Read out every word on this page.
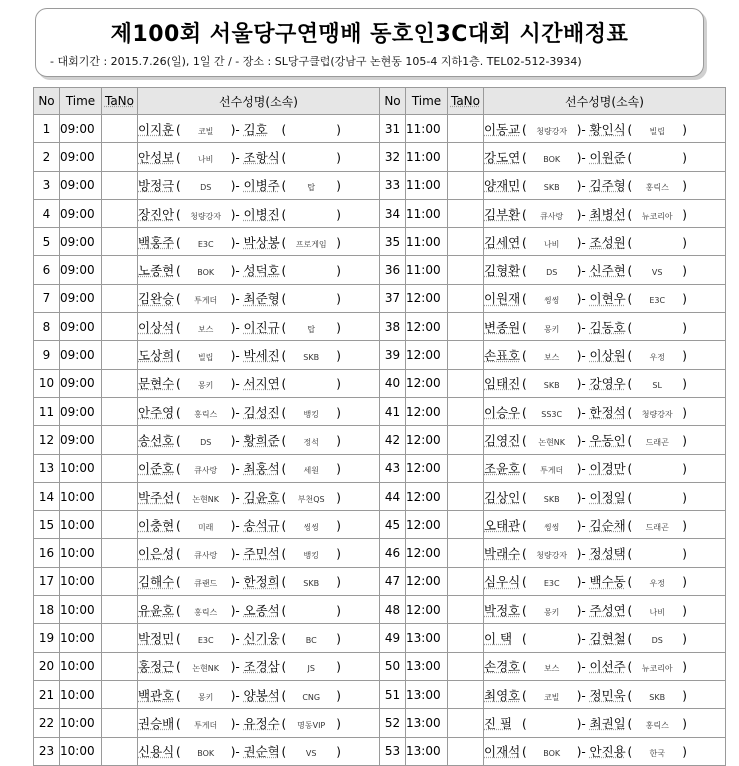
제100회 서울당구연맹배 동호인3C대회 시간배정표
- 대회기간 : 2015.7.26(일), 1일 간 / - 장소 : SL당구클럽(강남구 논현동 105-4 지하1층. TEL02-512-3934)
No	Time	TaNo	선수성명(소속)
1	09:00		이지훈 ( 코빌 )- 김호 ( )
2	09:00		안성보 ( 나비 )- 조항식 ( )
3	09:00		방정극 ( DS )- 이병주 ( 탑 )
4	09:00		장진안 ( 청량강자 )- 이병진 ( )
5	09:00		백홍주 ( E3C )- 박상봉 ( 프로게임 )
6	09:00		노종현 ( BOK )- 성덕호 ( )
7	09:00		김완승 ( 투게더 )- 최준형 ( )
8	09:00		이상석 ( 보스 )- 이진규 ( 탑 )
9	09:00		도상희 ( 빌립 )- 박세진 ( SKB )
10	09:00		문현수 ( 몽키 )- 서지연 ( )
11	09:00		안주영 ( 홍릭스 )- 김성진 ( 뱅킹 )
12	09:00		송선호 ( DS )- 황희준 ( 정석 )
13	10:00		이준호 ( 큐사랑 )- 최홍석 ( 세원 )
14	10:00		박주선 ( 논현NK )- 김윤호 ( 부천QS )
15	10:00		이충현 ( 미래 )- 송석규 ( 씽씽 )
16	10:00		이은성 ( 큐사랑 )- 주민석 ( 뱅킹 )
17	10:00		김해수 ( 큐랜드 )- 한정희 ( SKB )
18	10:00		유윤호 ( 홍릭스 )- 오종석 ( )
19	10:00		박정민 ( E3C )- 신기웅 ( BC )
20	10:00		홍정근 ( 논현NK )- 조경삼 ( JS )
21	10:00		백관호 ( 몽키 )- 양봉석 ( CNG )
22	10:00		권승배 ( 투게더 )- 유정수 ( 명동VIP )
23	10:00		신용식 ( BOK )- 권순혁 ( VS )
No	Time	TaNo	선수성명(소속)
31	11:00		이동교 ( 청량강자 )- 황인식 ( 빌립 )
32	11:00		강도연 ( BOK )- 이원준 ( )
33	11:00		양재민 ( SKB )- 김주형 ( 홍릭스 )
34	11:00		김부환 ( 큐사랑 )- 최병선 ( 뉴코리아 )
35	11:00		김세연 ( 나비 )- 조성원 ( )
36	11:00		김형환 ( DS )- 신주현 ( VS )
37	12:00		이원재 ( 씽씽 )- 이현우 ( E3C )
38	12:00		변종원 ( 몽키 )- 김동호 ( )
39	12:00		손표호 ( 보스 )- 이상원 ( 우정 )
40	12:00		임태진 ( SKB )- 강영우 ( SL )
41	12:00		이승우 ( SS3C )- 한정석 ( 청량강자 )
42	12:00		김영진 ( 논현NK )- 우동인 ( 드래곤 )
43	12:00		조윤호 ( 투게더 )- 이경만 ( )
44	12:00		김상인 ( SKB )- 이정일 ( )
45	12:00		오태관 ( 씽씽 )- 김순채 ( 드래곤 )
46	12:00		박래수 ( 청량강자 )- 정성택 ( )
47	12:00		심우식 ( E3C )- 백수동 ( 우정 )
48	12:00		박정호 ( 몽키 )- 주성연 ( 나비 )
49	13:00		이 택 ( )- 김현철 ( DS )
50	13:00		손경호 ( 보스 )- 이선주 ( 뉴코리아 )
51	13:00		최영호 ( 코빌 )- 정민욱 ( SKB )
52	13:00		진 필 ( )- 최권일 ( 홍릭스 )
53	13:00		이재석 ( BOK )- 안진용 ( 한국 )
